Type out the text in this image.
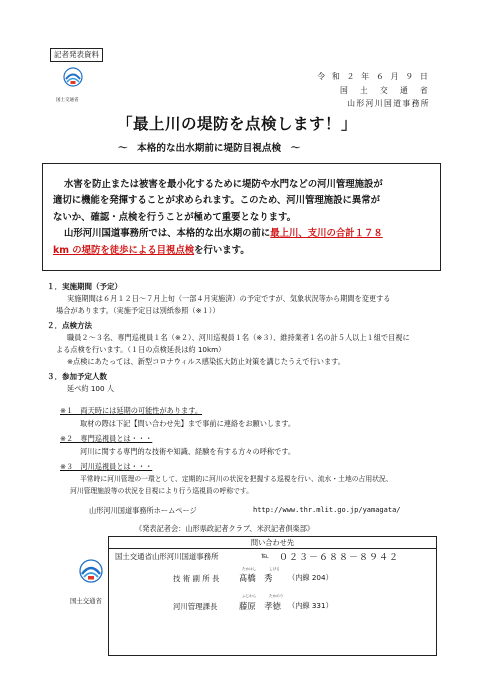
記者発表資料
国土交通省
令 和 ２ 年 ６ 月 ９ 日
国　土　交　通　省
山形河川国道事務所
「最上川の堤防を点検します！」
～　本格的な出水期前に堤防目視点検　～
水害を防止または被害を最小化するために堤防や水門などの河川管理施設が
適切に機能を発揮することが求められます。このため、河川管理施設に異常が
ないか、確認・点検を行うことが極めて重要となります。
山形河川国道事務所では、本格的な出水期の前に最上川、支川の合計１７８
km の堤防を徒歩による目視点検を行います。
１．実施期間（予定）
実施期間は６月１２日～７月上旬（一部４月実施済）の予定ですが、気象状況等から期間を変更する
場合があります。（実施予定日は別紙参照（※１））
２．点検方法
職員２～３名、専門巡視員１名（※２）、河川巡視員１名（※３）、維持業者１名の計５人以上１組で目視に
よる点検を行います。（１日の点検延長は約 10km）
※点検にあたっては、新型コロナウィルス感染拡大防止対策を講じたうえで行います。
３．参加予定人数
延べ約 100 人
※１　両天時には延期の可能性があります。
取材の際は下記【問い合わせ先】まで事前に連絡をお願いします。
※２　専門巡視員とは・・・
河川に関する専門的な技術や知識、経験を有する方々の呼称です。
※３　河川巡視員とは・・・
平常時に河川管理の一環として、定期的に河川の状況を把握する巡視を行い、流水・土地の占用状況、
河川管理施設等の状況を目視により行う巡視員の呼称です。
山形河川国道事務所ホームページ	http://www.thr.mlit.go.jp/yamagata/
《発表記者会：山形県政記者クラブ、米沢記者倶楽部》
問い合わせ先
国土交通省山形河川国道事務所	℡ ０２３－６８８－８９４２
技 術 副 所 長
たかはし	しげる
髙橋　秀 （内線 204）
河川管理課長
ふじわら	たかのり
藤原　孝徳 （内線 331）
国土交通省
